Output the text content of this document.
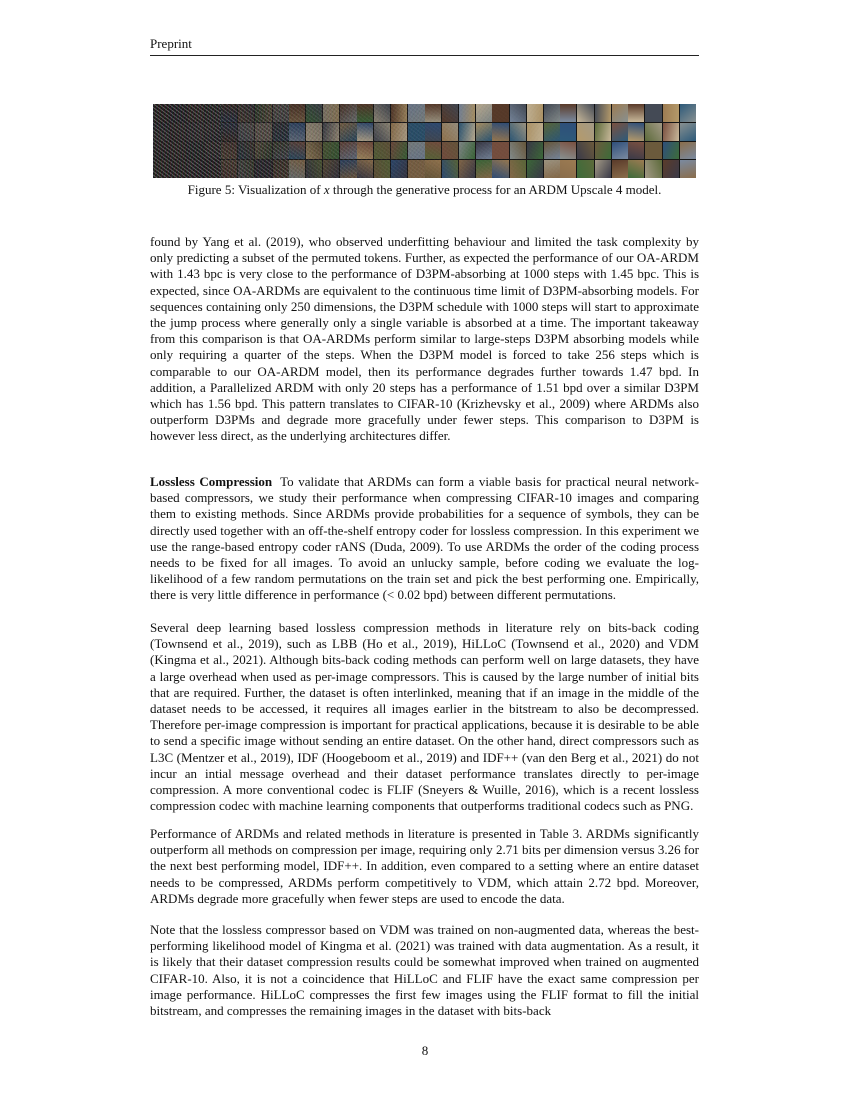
Preprint
Figure 5: Visualization of x through the generative process for an ARDM Upscale 4 model.

found by Yang et al. (2019), who observed underfitting behaviour and limited the task complexity by only predicting a subset of the permuted tokens. Further, as expected the performance of our OA-ARDM with 1.43 bpc is very close to the performance of D3PM-absorbing at 1000 steps with 1.45 bpc. This is expected, since OA-ARDMs are equivalent to the continuous time limit of D3PM-absorbing models. For sequences containing only 250 dimensions, the D3PM schedule with 1000 steps will start to approximate the jump process where generally only a single variable is absorbed at a time. The important takeaway from this comparison is that OA-ARDMs perform similar to large-steps D3PM absorbing models while only requiring a quarter of the steps. When the D3PM model is forced to take 256 steps which is comparable to our OA-ARDM model, then its performance degrades further towards 1.47 bpd. In addition, a Parallelized ARDM with only 20 steps has a performance of 1.51 bpd over a similar D3PM which has 1.56 bpd. This pattern translates to CIFAR-10 (Krizhevsky et al., 2009) where ARDMs also outperform D3PMs and degrade more gracefully under fewer steps. This comparison to D3PM is however less direct, as the underlying architectures differ.

Lossless Compression To validate that ARDMs can form a viable basis for practical neural network-based compressors, we study their performance when compressing CIFAR-10 images and comparing them to existing methods. Since ARDMs provide probabilities for a sequence of symbols, they can be directly used together with an off-the-shelf entropy coder for lossless compression. In this experiment we use the range-based entropy coder rANS (Duda, 2009). To use ARDMs the order of the coding process needs to be fixed for all images. To avoid an unlucky sample, before coding we evaluate the log-likelihood of a few random permutations on the train set and pick the best performing one. Empirically, there is very little difference in performance (< 0.02 bpd) between different permutations.

Several deep learning based lossless compression methods in literature rely on bits-back coding (Townsend et al., 2019), such as LBB (Ho et al., 2019), HiLLoC (Townsend et al., 2020) and VDM (Kingma et al., 2021). Although bits-back coding methods can perform well on large datasets, they have a large overhead when used as per-image compressors. This is caused by the large number of initial bits that are required. Further, the dataset is often interlinked, meaning that if an image in the middle of the dataset needs to be accessed, it requires all images earlier in the bitstream to also be decompressed. Therefore per-image compression is important for practical applications, because it is desirable to be able to send a specific image without sending an entire dataset. On the other hand, direct compressors such as L3C (Mentzer et al., 2019), IDF (Hoogeboom et al., 2019) and IDF++ (van den Berg et al., 2021) do not incur an intial message overhead and their dataset performance translates directly to per-image compression. A more conventional codec is FLIF (Sneyers & Wuille, 2016), which is a recent lossless compression codec with machine learning components that outperforms traditional codecs such as PNG.

Performance of ARDMs and related methods in literature is presented in Table 3. ARDMs significantly outperform all methods on compression per image, requiring only 2.71 bits per dimension versus 3.26 for the next best performing model, IDF++. In addition, even compared to a setting where an entire dataset needs to be compressed, ARDMs perform competitively to VDM, which attain 2.72 bpd. Moreover, ARDMs degrade more gracefully when fewer steps are used to encode the data.

Note that the lossless compressor based on VDM was trained on non-augmented data, whereas the best-performing likelihood model of Kingma et al. (2021) was trained with data augmentation. As a result, it is likely that their dataset compression results could be somewhat improved when trained on augmented CIFAR-10. Also, it is not a coincidence that HiLLoC and FLIF have the exact same compression per image performance. HiLLoC compresses the first few images using the FLIF format to fill the initial bitstream, and compresses the remaining images in the dataset with bits-back

8
